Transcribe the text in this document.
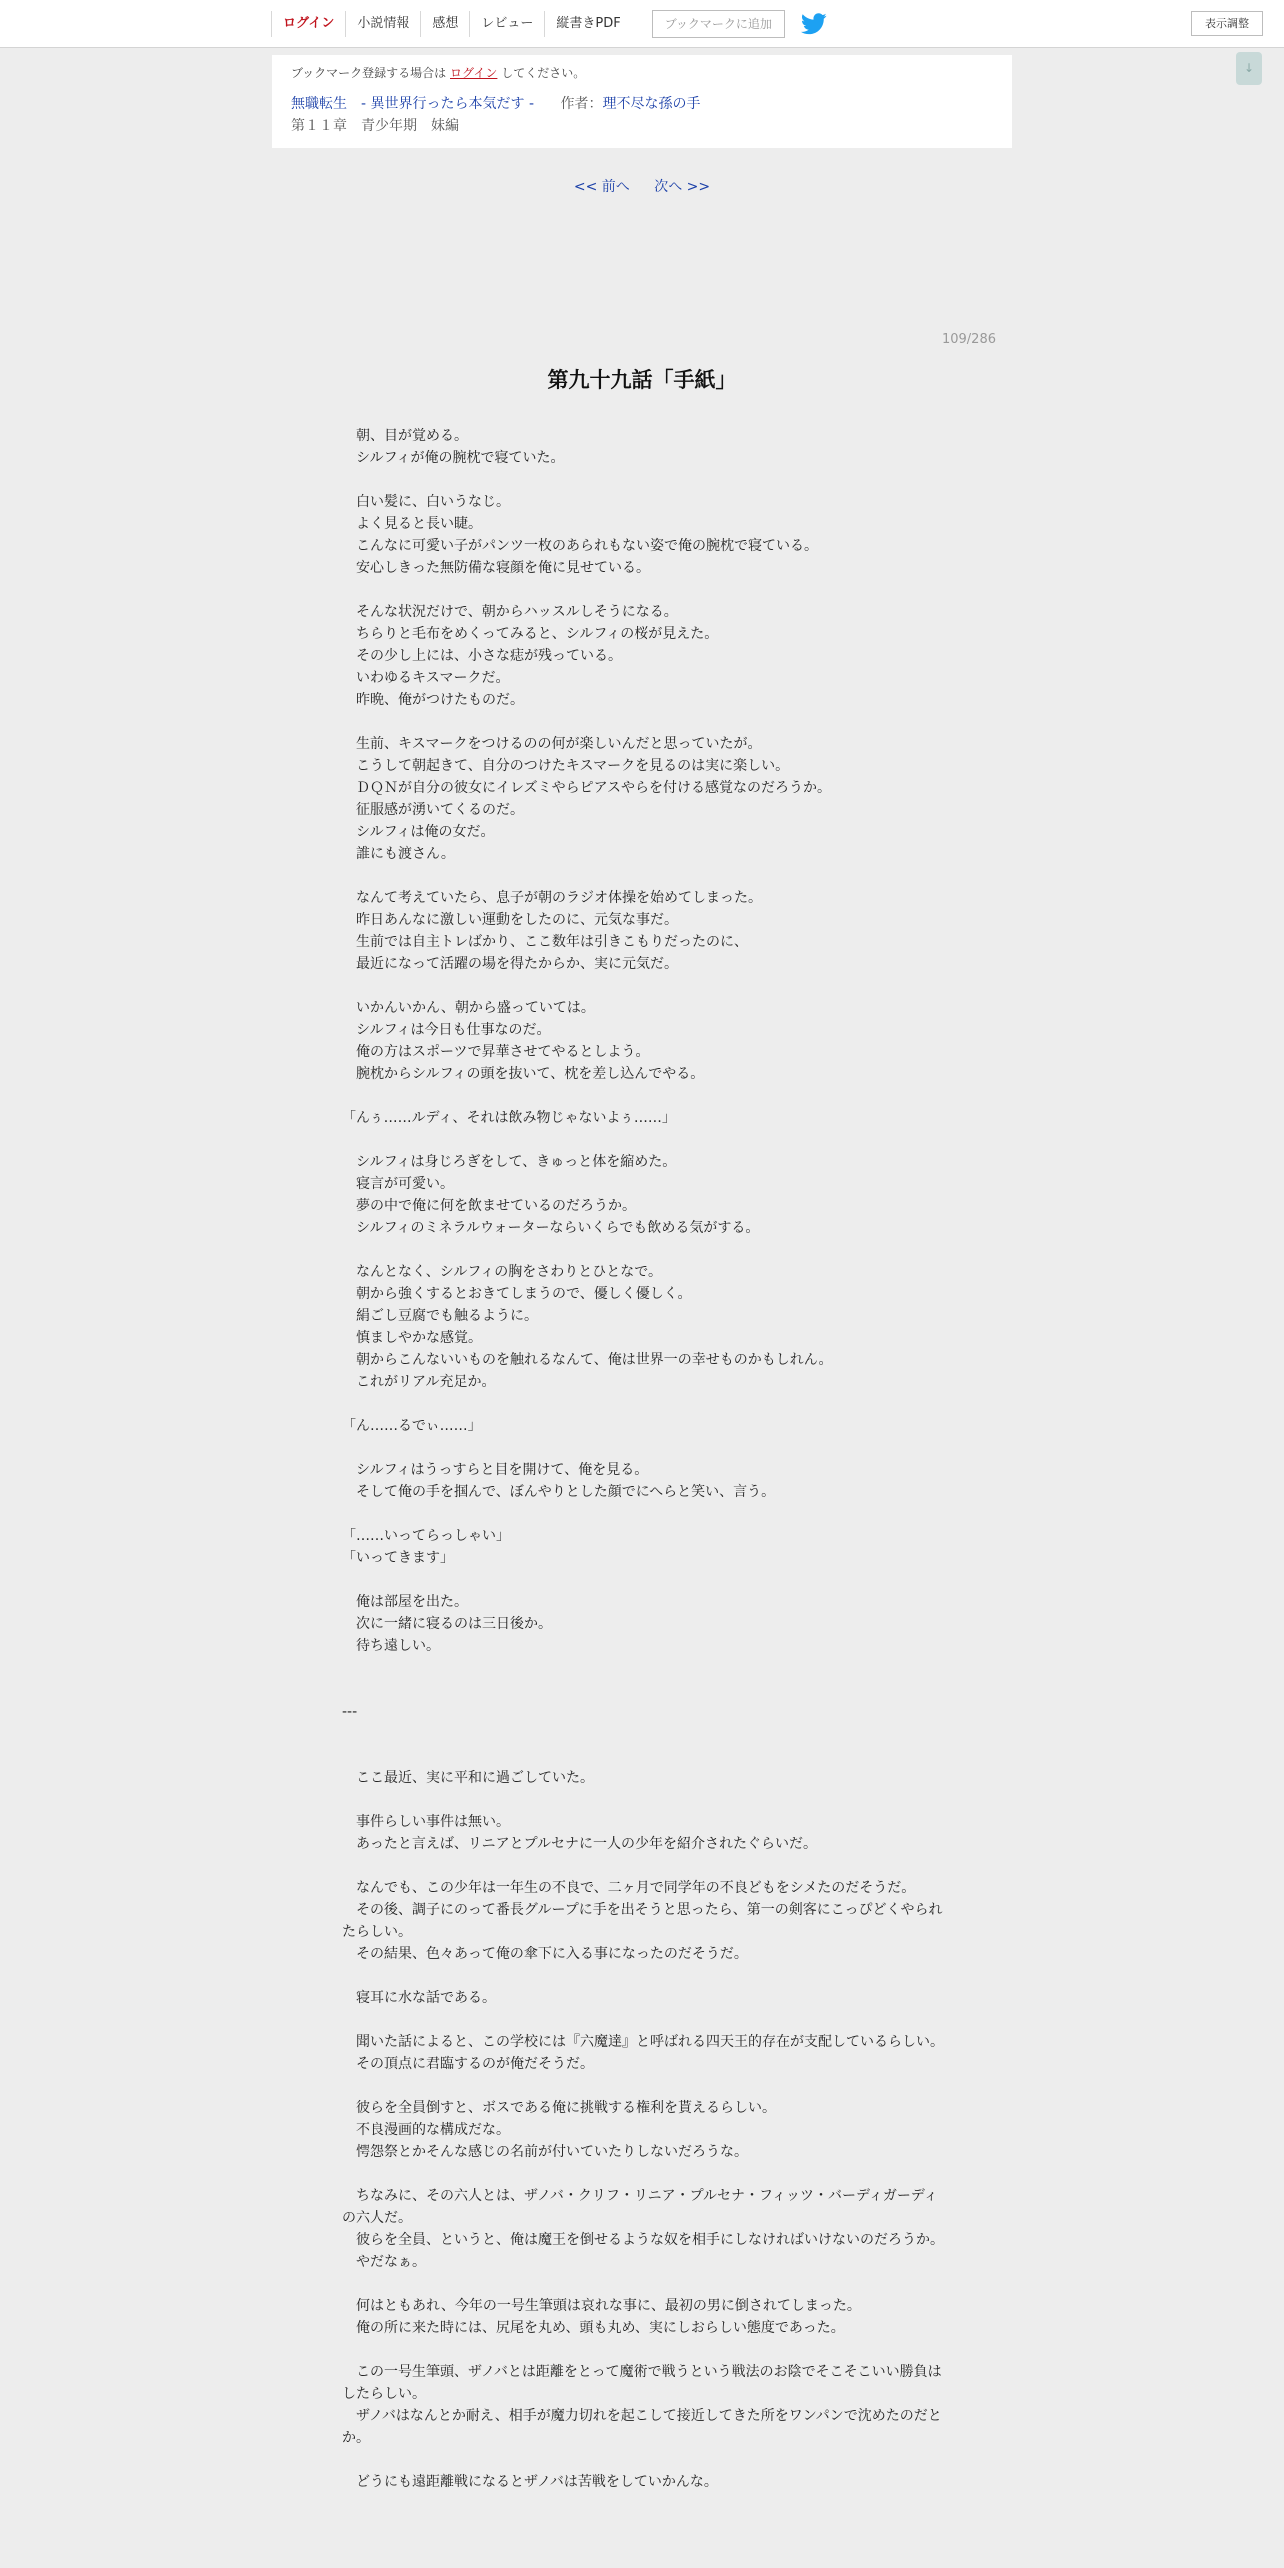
ログイン	小説情報	感想	レビュー	縦書きPDF	ブックマークに追加	表示調整
↓
ブックマーク登録する場合は ログイン してください。
無職転生　- 異世界行ったら本気だす - 作者：理不尽な孫の手
第１１章　青少年期　妹編
<< 前へ 次へ >>
109/286
第九十九話「手紙」

　朝、目が覚める。

　シルフィが俺の腕枕で寝ていた。

　白い髪に、白いうなじ。

　よく見ると長い睫。

　こんなに可愛い子がパンツ一枚のあられもない姿で俺の腕枕で寝ている。

　安心しきった無防備な寝顔を俺に見せている。

　そんな状況だけで、朝からハッスルしそうになる。

　ちらりと毛布をめくってみると、シルフィの桜が見えた。

　その少し上には、小さな痣が残っている。

　いわゆるキスマークだ。

　昨晩、俺がつけたものだ。

　生前、キスマークをつけるのの何が楽しいんだと思っていたが。

　こうして朝起きて、自分のつけたキスマークを見るのは実に楽しい。

　ＤＱＮが自分の彼女にイレズミやらピアスやらを付ける感覚なのだろうか。

　征服感が湧いてくるのだ。

　シルフィは俺の女だ。

　誰にも渡さん。

　なんて考えていたら、息子が朝のラジオ体操を始めてしまった。

　昨日あんなに激しい運動をしたのに、元気な事だ。

　生前では自主トレばかり、ここ数年は引きこもりだったのに、

　最近になって活躍の場を得たからか、実に元気だ。

　いかんいかん、朝から盛っていては。

　シルフィは今日も仕事なのだ。

　俺の方はスポーツで昇華させてやるとしよう。

　腕枕からシルフィの頭を抜いて、枕を差し込んでやる。

「んぅ……ルディ、それは飲み物じゃないよぅ……」

　シルフィは身じろぎをして、きゅっと体を縮めた。

　寝言が可愛い。

　夢の中で俺に何を飲ませているのだろうか。

　シルフィのミネラルウォーターならいくらでも飲める気がする。

　なんとなく、シルフィの胸をさわりとひとなで。

　朝から強くするとおきてしまうので、優しく優しく。

　絹ごし豆腐でも触るように。

　慎ましやかな感覚。

　朝からこんないいものを触れるなんて、俺は世界一の幸せものかもしれん。

　これがリアル充足か。

「ん……るでぃ……」

　シルフィはうっすらと目を開けて、俺を見る。

　そして俺の手を掴んで、ぼんやりとした顔でにへらと笑い、言う。

「……いってらっしゃい」

「いってきます」

　俺は部屋を出た。

　次に一緒に寝るのは三日後か。

　待ち遠しい。

---

　ここ最近、実に平和に過ごしていた。

　事件らしい事件は無い。

　あったと言えば、リニアとプルセナに一人の少年を紹介されたぐらいだ。

　なんでも、この少年は一年生の不良で、二ヶ月で同学年の不良どもをシメたのだそうだ。

　その後、調子にのって番長グループに手を出そうと思ったら、第一の剣客にこっぴどくやられたらしい。

　その結果、色々あって俺の傘下に入る事になったのだそうだ。

　寝耳に水な話である。

　聞いた話によると、この学校には『六魔達』と呼ばれる四天王的存在が支配しているらしい。

　その頂点に君臨するのが俺だそうだ。

　彼らを全員倒すと、ボスである俺に挑戦する権利を貰えるらしい。

　不良漫画的な構成だな。

　愕怨祭とかそんな感じの名前が付いていたりしないだろうな。

　ちなみに、その六人とは、ザノバ・クリフ・リニア・プルセナ・フィッツ・バーディガーディの六人だ。

　彼らを全員、というと、俺は魔王を倒せるような奴を相手にしなければいけないのだろうか。

　やだなぁ。

　何はともあれ、今年の一号生筆頭は哀れな事に、最初の男に倒されてしまった。

　俺の所に来た時には、尻尾を丸め、頭も丸め、実にしおらしい態度であった。

　この一号生筆頭、ザノバとは距離をとって魔術で戦うという戦法のお陰でそこそこいい勝負はしたらしい。

　ザノバはなんとか耐え、相手が魔力切れを起こして接近してきた所をワンパンで沈めたのだとか。

　どうにも遠距離戦になるとザノバは苦戦をしていかんな。
